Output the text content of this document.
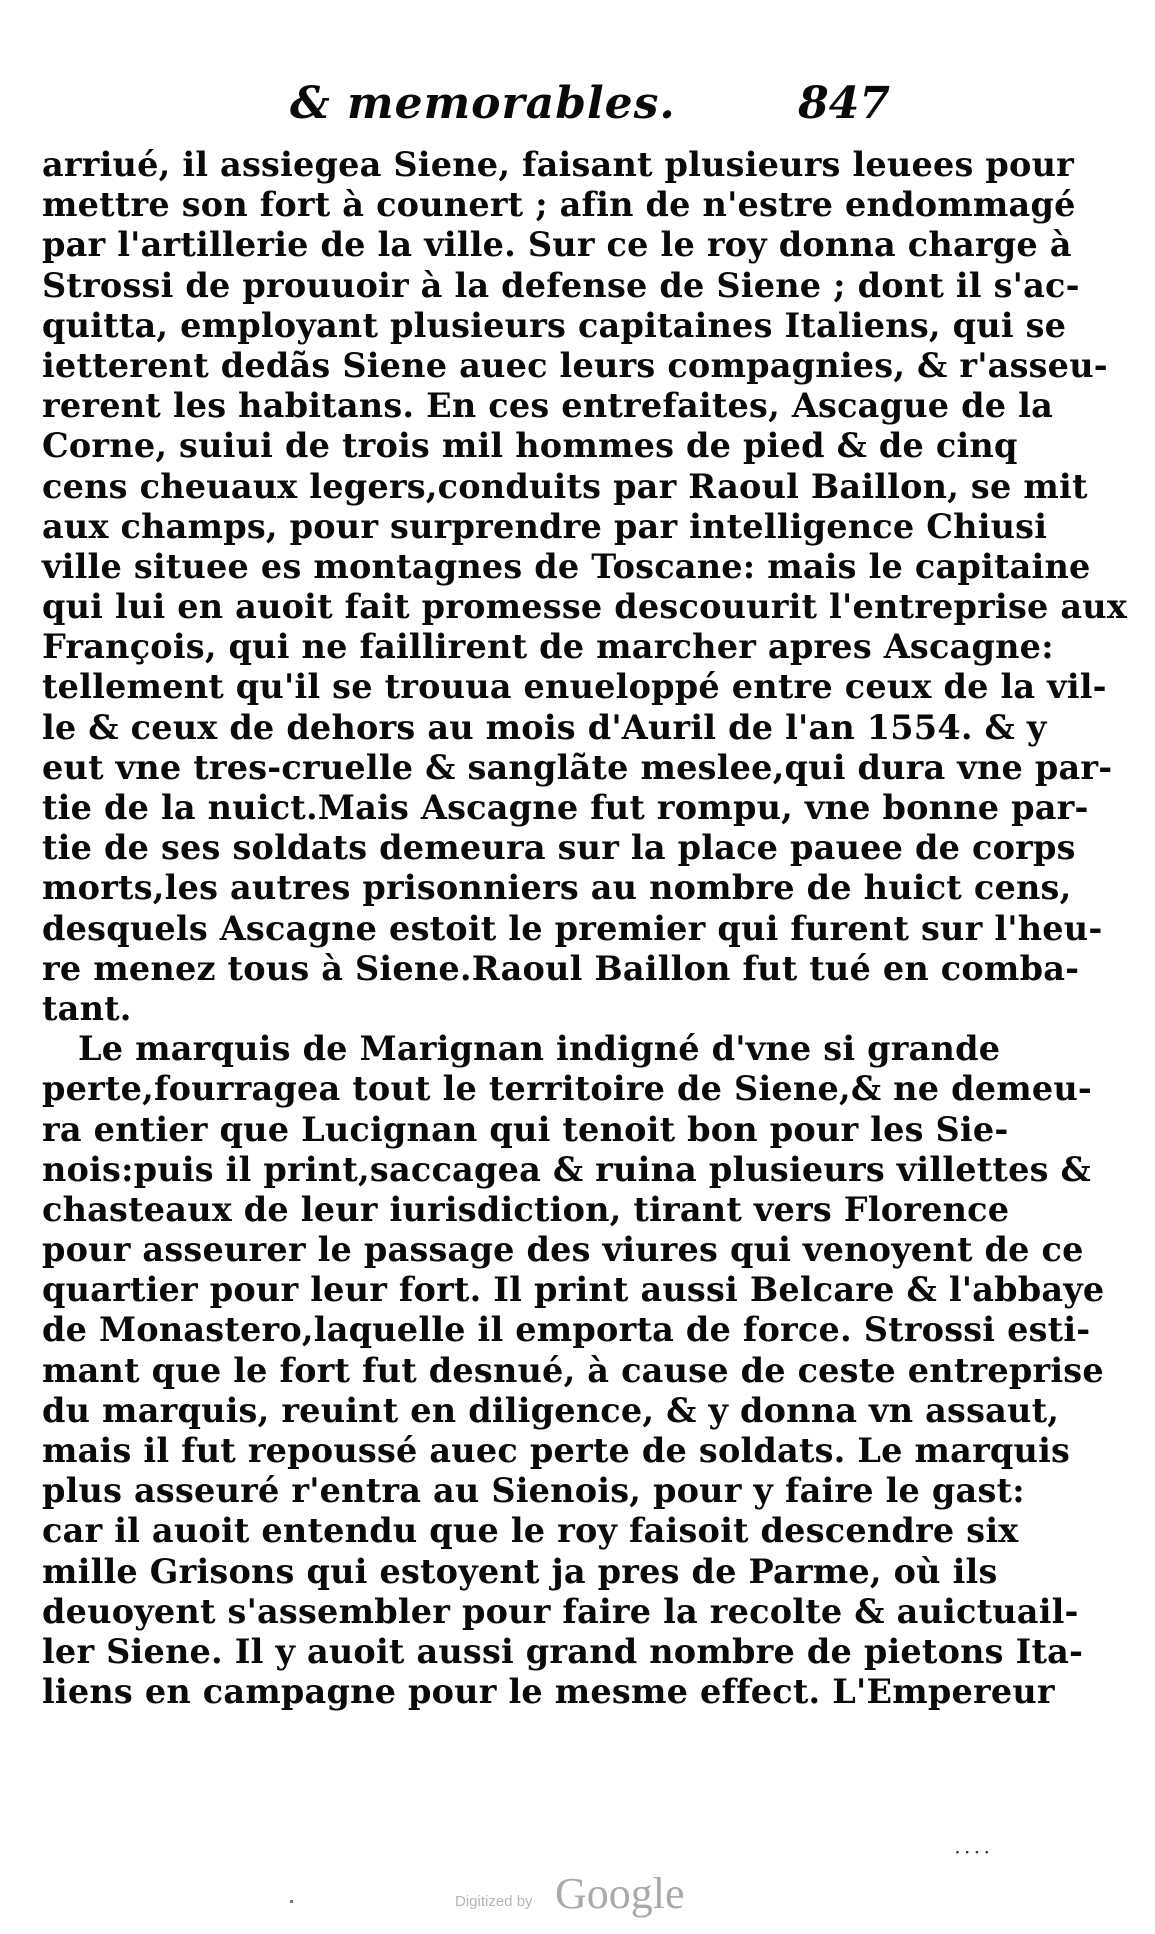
& memorables.	847
arriué, il assiegea Siene, faisant plusieurs leuees pour
mettre son fort à counert ; afin de n'estre endommagé
par l'artillerie de la ville. Sur ce le roy donna charge à
Strossi de prouuoir à la defense de Siene ; dont il s'ac-
quitta, employant plusieurs capitaines Italiens, qui se
ietterent dedãs Siene auec leurs compagnies, & r'asseu-
rerent les habitans. En ces entrefaites, Ascague de la
Corne, suiui de trois mil hommes de pied & de cinq
cens cheuaux legers,conduits par Raoul Baillon, se mit
aux champs, pour surprendre par intelligence Chiusi
ville situee es montagnes de Toscane: mais le capitaine
qui lui en auoit fait promesse descouurit l'entreprise aux
François, qui ne faillirent de marcher apres Ascagne:
tellement qu'il se trouua enueloppé entre ceux de la vil-
le & ceux de dehors au mois d'Auril de l'an 1554. & y
eut vne tres-cruelle & sanglãte meslee,qui dura vne par-
tie de la nuict.Mais Ascagne fut rompu, vne bonne par-
tie de ses soldats demeura sur la place pauee de corps
morts,les autres prisonniers au nombre de huict cens,
desquels Ascagne estoit le premier qui furent sur l'heu-
re menez tous à Siene.Raoul Baillon fut tué en comba-
tant.
Le marquis de Marignan indigné d'vne si grande
perte,fourragea tout le territoire de Siene,& ne demeu-
ra entier que Lucignan qui tenoit bon pour les Sie-
nois:puis il print,saccagea & ruina plusieurs villettes &
chasteaux de leur iurisdiction, tirant vers Florence
pour asseurer le passage des viures qui venoyent de ce
quartier pour leur fort. Il print aussi Belcare & l'abbaye
de Monastero,laquelle il emporta de force. Strossi esti-
mant que le fort fut desnué, à cause de ceste entreprise
du marquis, reuint en diligence, & y donna vn assaut,
mais il fut repoussé auec perte de soldats. Le marquis
plus asseuré r'entra au Sienois, pour y faire le gast:
car il auoit entendu que le roy faisoit descendre six
mille Grisons qui estoyent ja pres de Parme, où ils
deuoyent s'assembler pour faire la recolte & auictuail-
ler Siene. Il y auoit aussi grand nombre de pietons Ita-
liens en campagne pour le mesme effect. L'Empereur
· · · ·
Digitized by Google
